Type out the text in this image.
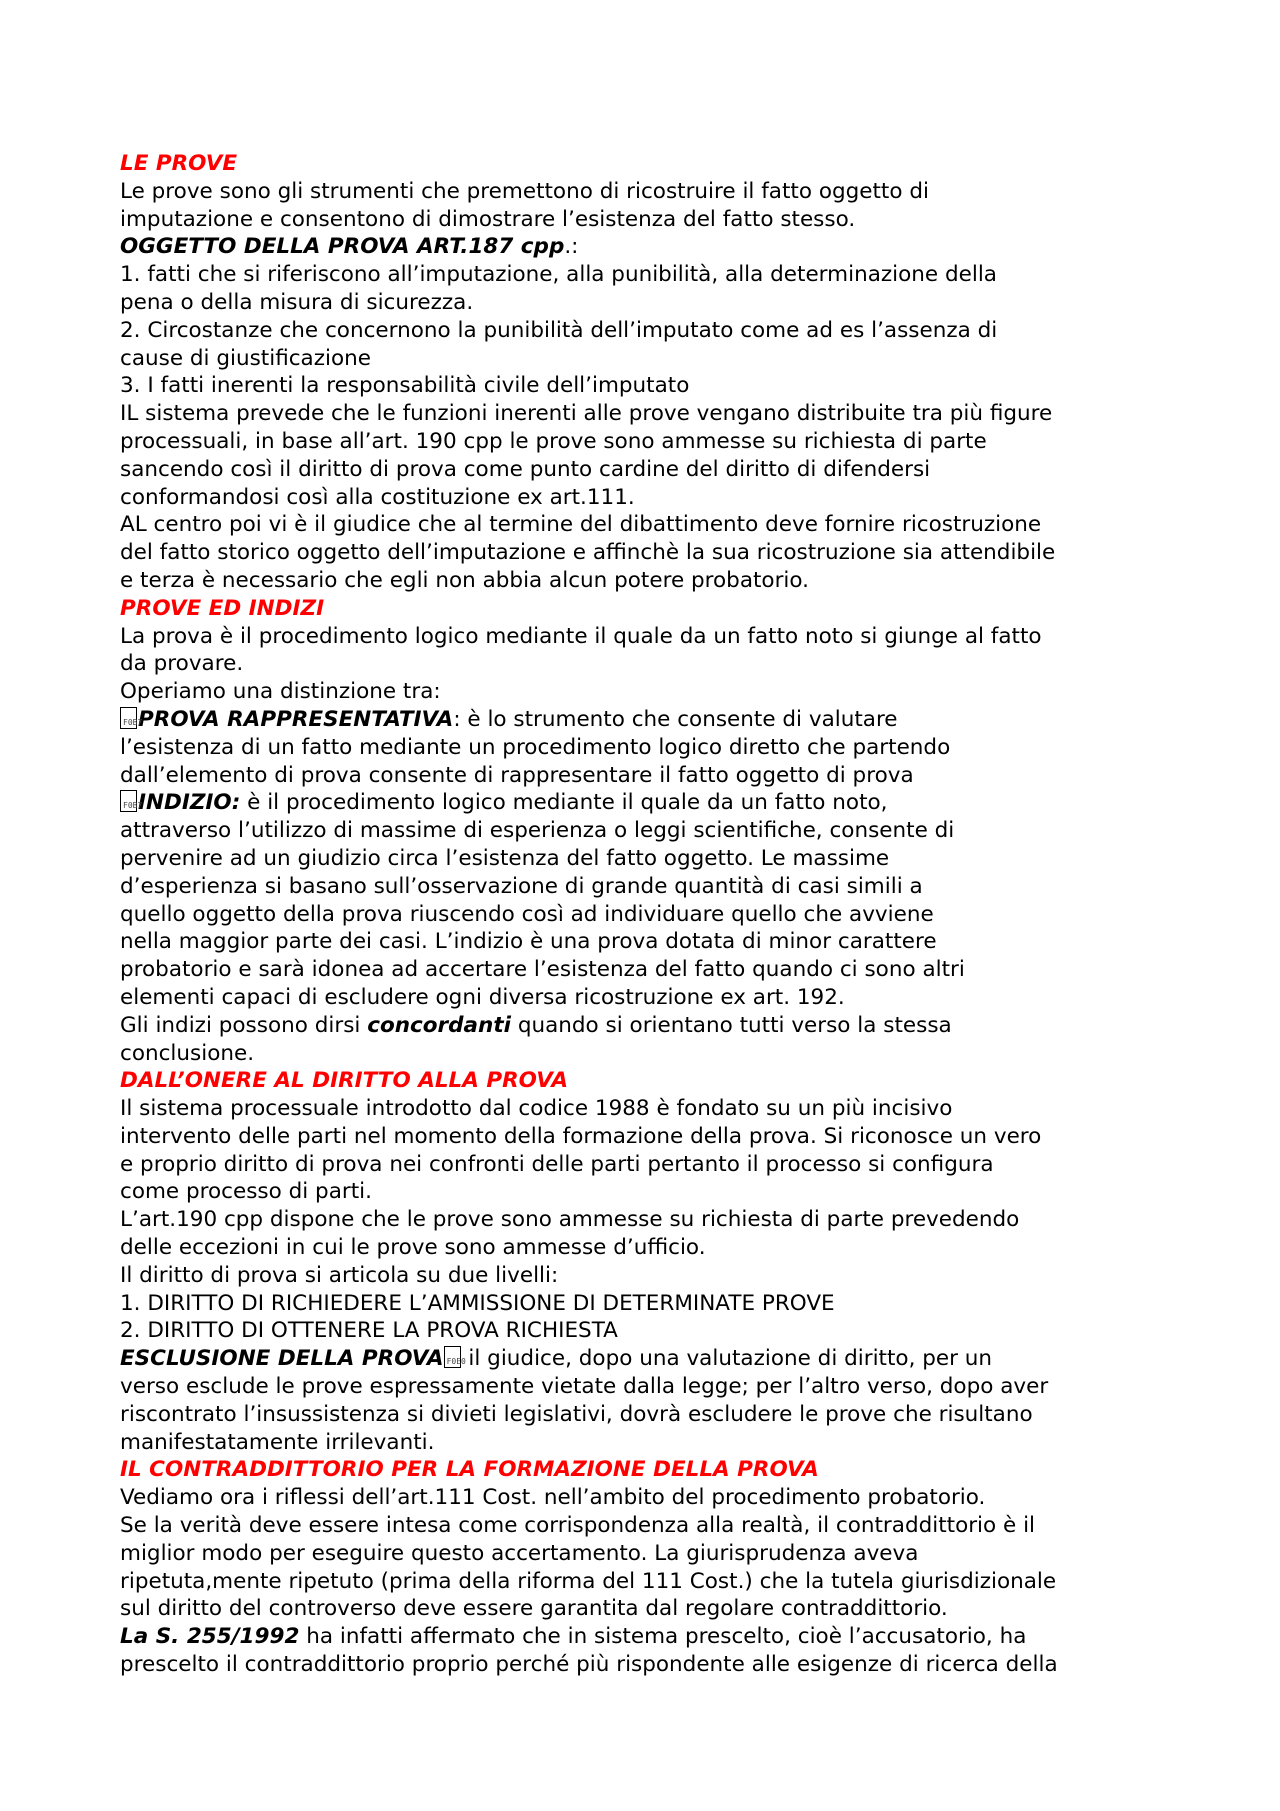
LE PROVE

Le prove sono gli strumenti che premettono di ricostruire il fatto oggetto di

imputazione e consentono di dimostrare l’esistenza del fatto stesso.

OGGETTO DELLA PROVA ART.187 cpp.:

1. fatti che si riferiscono all’imputazione, alla punibilità, alla determinazione della

pena o della misura di sicurezza.

2. Circostanze che concernono la punibilità dell’imputato come ad es l’assenza di

cause di giustificazione

3. I fatti inerenti la responsabilità civile dell’imputato

IL sistema prevede che le funzioni inerenti alle prove vengano distribuite tra più figure

processuali, in base all’art. 190 cpp le prove sono ammesse su richiesta di parte

sancendo così il diritto di prova come punto cardine del diritto di difendersi

conformandosi così alla costituzione ex art.111.

AL centro poi vi è il giudice che al termine del dibattimento deve fornire ricostruzione

del fatto storico oggetto dell’imputazione e affinchè la sua ricostruzione sia attendibile

e terza è necessario che egli non abbia alcun potere probatorio.

PROVE ED INDIZI

La prova è il procedimento logico mediante il quale da un fatto noto si giunge al fatto

da provare.

Operiamo una distinzione tra:

F0B7
PROVA RAPPRESENTATIVA: è lo strumento che consente di valutare

l’esistenza di un fatto mediante un procedimento logico diretto che partendo

dall’elemento di prova consente di rappresentare il fatto oggetto di prova

F0B7
INDIZIO: è il procedimento logico mediante il quale da un fatto noto,

attraverso l’utilizzo di massime di esperienza o leggi scientifiche, consente di

pervenire ad un giudizio circa l’esistenza del fatto oggetto. Le massime

d’esperienza si basano sull’osservazione di grande quantità di casi simili a

quello oggetto della prova riuscendo così ad individuare quello che avviene

nella maggior parte dei casi. L’indizio è una prova dotata di minor carattere

probatorio e sarà idonea ad accertare l’esistenza del fatto quando ci sono altri

elementi capaci di escludere ogni diversa ricostruzione ex art. 192.

Gli indizi possono dirsi concordanti quando si orientano tutti verso la stessa

conclusione.

DALL’ONERE AL DIRITTO ALLA PROVA

Il sistema processuale introdotto dal codice 1988 è fondato su un più incisivo

intervento delle parti nel momento della formazione della prova. Si riconosce un vero

e proprio diritto di prova nei confronti delle parti pertanto il processo si configura

come processo di parti.

L’art.190 cpp dispone che le prove sono ammesse su richiesta di parte prevedendo

delle eccezioni in cui le prove sono ammesse d’ufficio.

Il diritto di prova si articola su due livelli:

1. DIRITTO DI RICHIEDERE L’AMMISSIONE DI DETERMINATE PROVE

2. DIRITTO DI OTTENERE LA PROVA RICHIESTA

ESCLUSIONE DELLA PROVA F0E0
il giudice, dopo una valutazione di diritto, per un

verso esclude le prove espressamente vietate dalla legge; per l’altro verso, dopo aver

riscontrato l’insussistenza si divieti legislativi, dovrà escludere le prove che risultano

manifestatamente irrilevanti.

IL CONTRADDITTORIO PER LA FORMAZIONE DELLA PROVA

Vediamo ora i riflessi dell’art.111 Cost. nell’ambito del procedimento probatorio.

Se la verità deve essere intesa come corrispondenza alla realtà, il contraddittorio è il

miglior modo per eseguire questo accertamento. La giurisprudenza aveva

ripetuta,mente ripetuto (prima della riforma del 111 Cost.) che la tutela giurisdizionale

sul diritto del controverso deve essere garantita dal regolare contraddittorio.

La S. 255/1992 ha infatti affermato che in sistema prescelto, cioè l’accusatorio, ha

prescelto il contraddittorio proprio perché più rispondente alle esigenze di ricerca della
